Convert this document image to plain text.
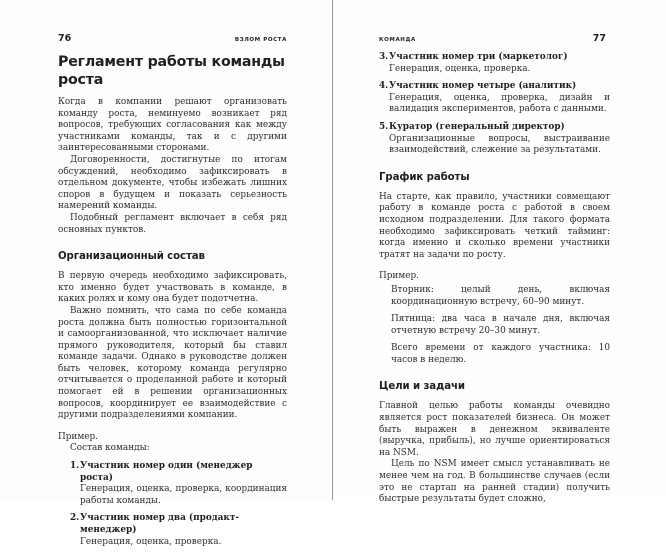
76	ВЗЛОМ РОСТА
Регламент работы команды роста

Когда в компании решают организовать команду роста, неминуемо возникает ряд вопросов, требующих согласования как между участниками команды, так и с другими заинтересованными сторонами.

Договоренности, достигнутые по итогам обсуждений, необходимо зафиксировать в отдельном документе, чтобы избежать лишних споров в будущем и показать серьезность намерений команды.

Подобный регламент включает в себя ряд основных пунктов.

Организационный состав

В первую очередь необходимо зафиксировать, кто именно будет участвовать в команде, в каких ролях и кому она будет подотчетна.

Важно помнить, что сама по себе команда роста должна быть полностью горизонтальной и самоорганизованной, что исключает наличие прямого руководителя, который бы ставил команде задачи. Однако в руководстве должен быть человек, которому команда регулярно отчитывается о проделанной работе и который помогает ей в решении организационных вопросов, координирует ее взаимодействие с другими подразделениями компании.

Пример.

Состав команды:

1. Участник номер один (менеджер роста)
Генерация, оценка, проверка, координация работы команды.
2. Участник номер два (продакт-менеджер)
Генерация, оценка, проверка.
КОМАНДА	77
3. Участник номер три (маркетолог)
Генерация, оценка, проверка.
4. Участник номер четыре (аналитик)
Генерация, оценка, проверка, дизайн и валидация экспериментов, работа с данными.
5. Куратор (генеральный директор)
Организационные вопросы, выстраивание взаимодействий, слежение за результатами.
График работы

На старте, как правило, участники совмещают работу в команде роста с работой в своем исходном подразделении. Для такого формата необходимо зафиксировать четкий тайминг: когда именно и сколько времени участники тратят на задачи по росту.

Пример.

Вторник: целый день, включая координационную встречу, 60–90 минут.

Пятница: два часа в начале дня, включая отчетную встречу 20–30 минут.

Всего времени от каждого участника: 10 часов в неделю.

Цели и задачи

Главной целью работы команды очевидно является рост показателей бизнеса. Он может быть выражен в денежном эквиваленте (выручка, прибыль), но лучше ориентироваться на NSM.

Цель по NSM имеет смысл устанавливать не менее чем на год. В большинстве случаев (если это не стартап на ранней стадии) получить быстрые результаты будет сложно,
